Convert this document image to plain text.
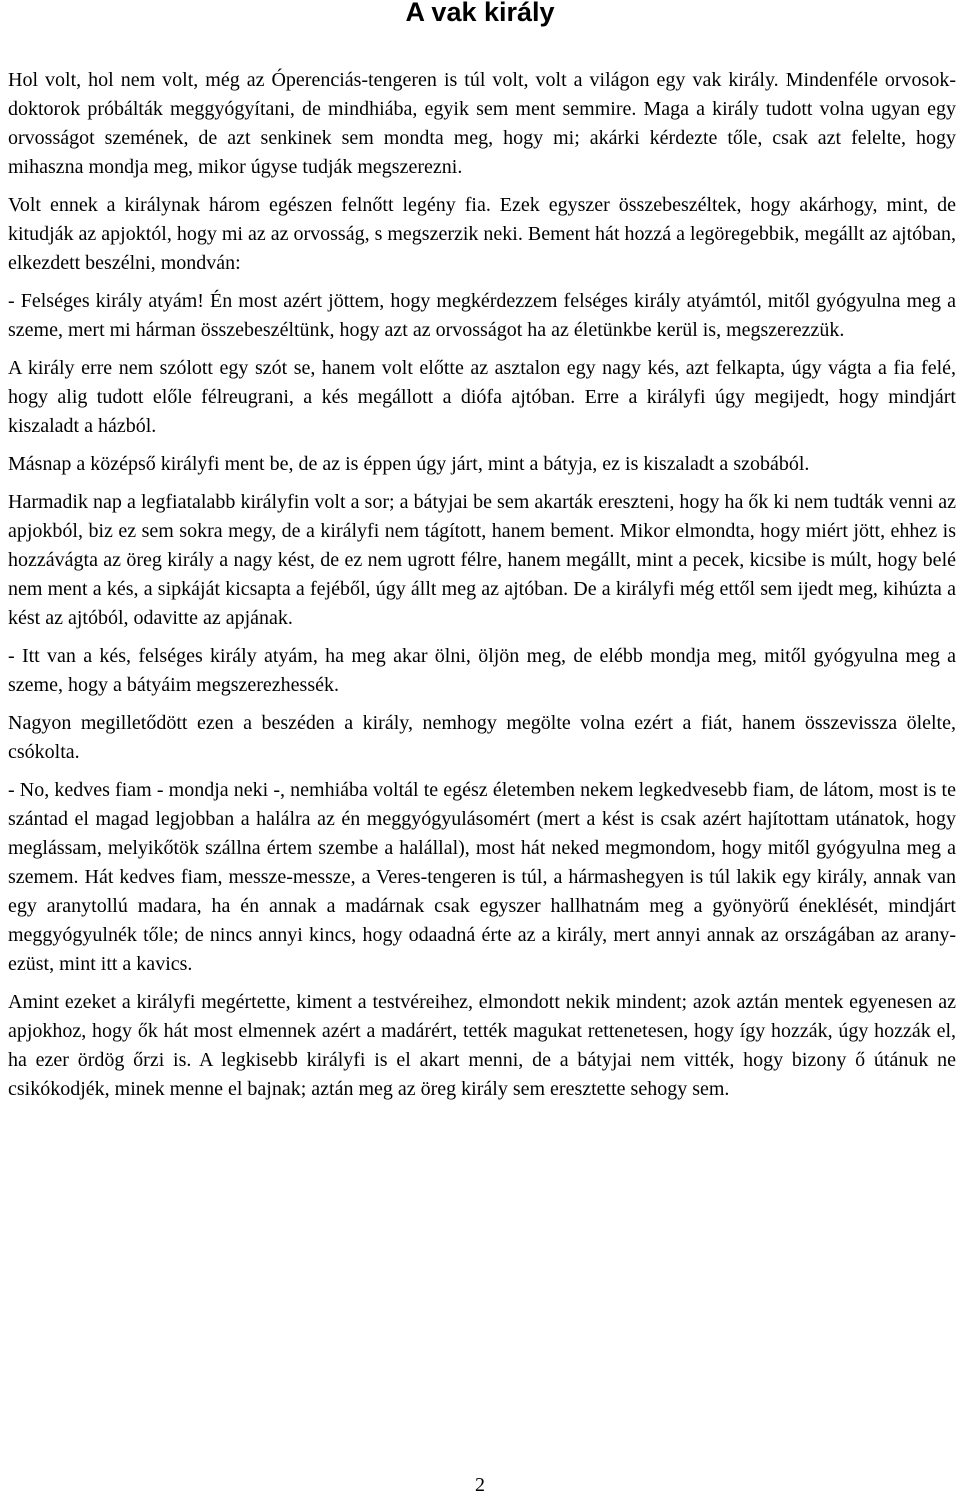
A vak király

Hol volt, hol nem volt, még az Óperenciás-tengeren is túl volt, volt a világon egy vak király. Mindenféle orvosok-doktorok próbálták meggyógyítani, de mindhiába, egyik sem ment semmire. Maga a király tudott volna ugyan egy orvosságot szemének, de azt senkinek sem mondta meg, hogy mi; akárki kérdezte tőle, csak azt felelte, hogy mihaszna mondja meg, mikor úgyse tudják megszerezni.

Volt ennek a királynak három egészen felnőtt legény fia. Ezek egyszer összebeszéltek, hogy akárhogy, mint, de kitudják az apjoktól, hogy mi az az orvosság, s megszerzik neki. Bement hát hozzá a legöregebbik, megállt az ajtóban, elkezdett beszélni, mondván:

- Felséges király atyám! Én most azért jöttem, hogy megkérdezzem felséges király atyámtól, mitől gyógyulna meg a szeme, mert mi hárman összebeszéltünk, hogy azt az orvosságot ha az életünkbe kerül is, megszerezzük.

A király erre nem szólott egy szót se, hanem volt előtte az asztalon egy nagy kés, azt felkapta, úgy vágta a fia felé, hogy alig tudott előle félreugrani, a kés megállott a diófa ajtóban. Erre a királyfi úgy megijedt, hogy mindjárt kiszaladt a házból.

Másnap a középső királyfi ment be, de az is éppen úgy járt, mint a bátyja, ez is kiszaladt a szobából.

Harmadik nap a legfiatalabb királyfin volt a sor; a bátyjai be sem akarták ereszteni, hogy ha ők ki nem tudták venni az apjokból, biz ez sem sokra megy, de a királyfi nem tágított, hanem bement. Mikor elmondta, hogy miért jött, ehhez is hozzávágta az öreg király a nagy kést, de ez nem ugrott félre, hanem megállt, mint a pecek, kicsibe is múlt, hogy belé nem ment a kés, a sipkáját kicsapta a fejéből, úgy állt meg az ajtóban. De a királyfi még ettől sem ijedt meg, kihúzta a kést az ajtóból, odavitte az apjának.

- Itt van a kés, felséges király atyám, ha meg akar ölni, öljön meg, de elébb mondja meg, mitől gyógyulna meg a szeme, hogy a bátyáim megszerezhessék.

Nagyon megilletődött ezen a beszéden a király, nemhogy megölte volna ezért a fiát, hanem összevissza ölelte, csókolta.

- No, kedves fiam - mondja neki -, nemhiába voltál te egész életemben nekem legkedvesebb fiam, de látom, most is te szántad el magad legjobban a halálra az én meggyógyulásomért (mert a kést is csak azért hajítottam utánatok, hogy meglássam, melyikőtök szállna értem szembe a halállal), most hát neked megmondom, hogy mitől gyógyulna meg a szemem. Hát kedves fiam, messze-messze, a Veres-tengeren is túl, a hármashegyen is túl lakik egy király, annak van egy aranytollú madara, ha én annak a madárnak csak egyszer hallhatnám meg a gyönyörű éneklését, mindjárt meggyógyulnék tőle; de nincs annyi kincs, hogy odaadná érte az a király, mert annyi annak az országában az arany-ezüst, mint itt a kavics.

Amint ezeket a királyfi megértette, kiment a testvéreihez, elmondott nekik mindent; azok aztán mentek egyenesen az apjokhoz, hogy ők hát most elmennek azért a madárért, tették magukat rettenetesen, hogy így hozzák, úgy hozzák el, ha ezer ördög őrzi is. A legkisebb királyfi is el akart menni, de a bátyjai nem vitték, hogy bizony ő útánuk ne csikókodjék, minek menne el bajnak; aztán meg az öreg király sem eresztette sehogy sem.

2
